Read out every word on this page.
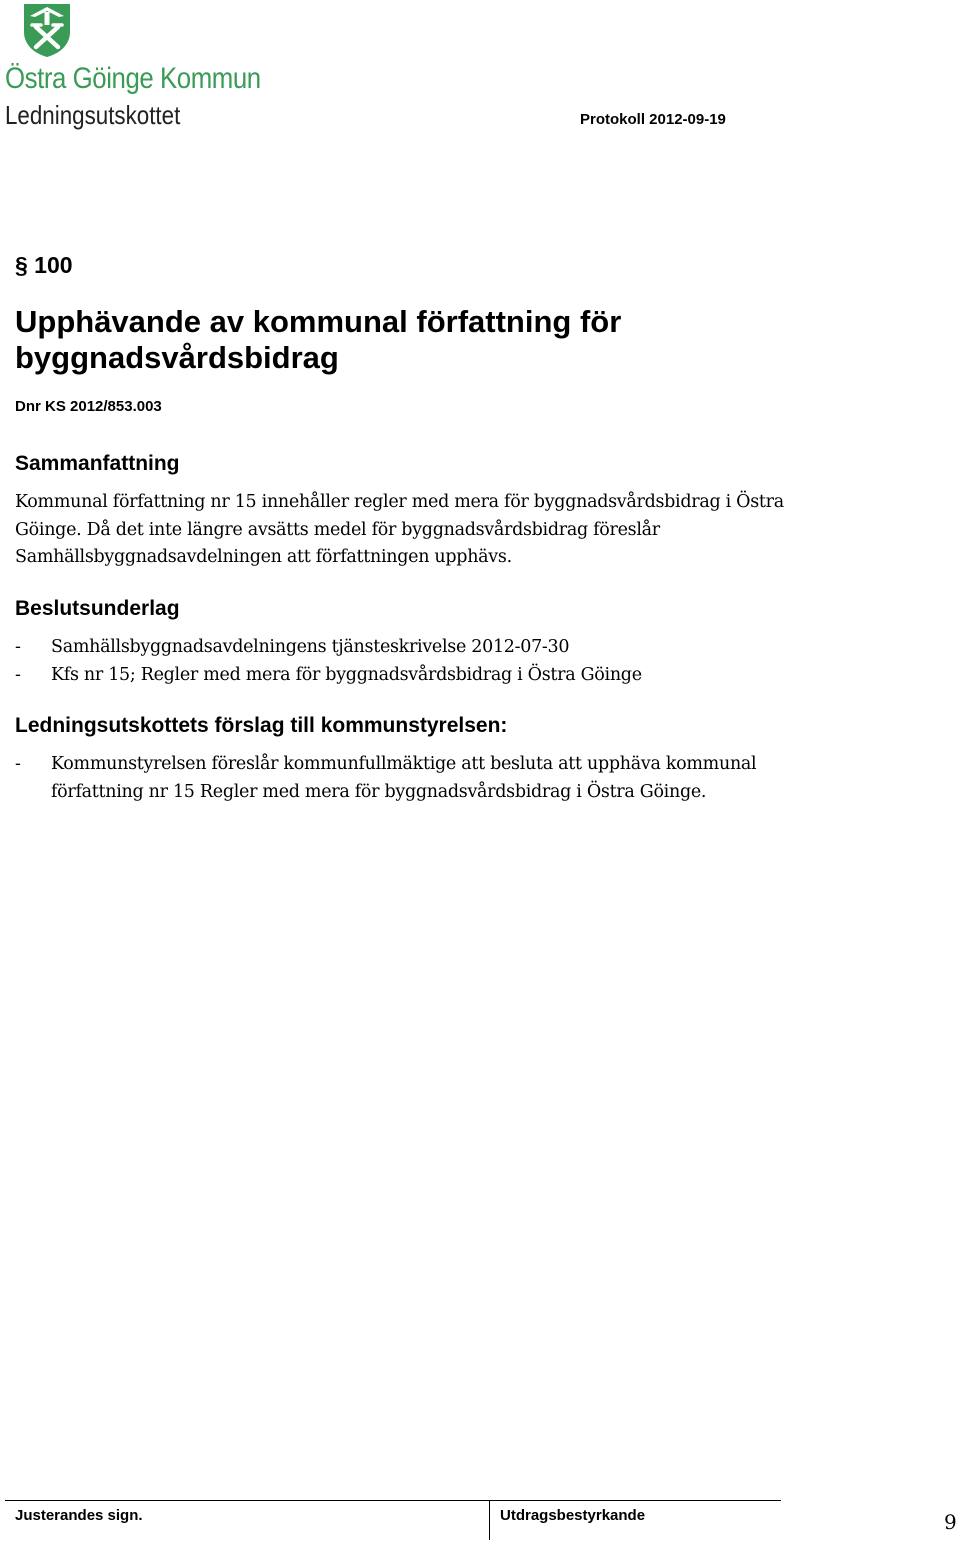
Östra Göinge Kommun
Ledningsutskottet	Protokoll 2012-09-19
§ 100
Upphävande av kommunal författning för byggnadsvårdsbidrag
Dnr KS 2012/853.003
Sammanfattning
Kommunal författning nr 15 innehåller regler med mera för byggnadsvårdsbidrag i Östra
Göinge. Då det inte längre avsätts medel för byggnadsvårdsbidrag föreslår
Samhällsbyggnadsavdelningen att författningen upphävs.
Beslutsunderlag
- Samhällsbyggnadsavdelningens tjänsteskrivelse 2012-07-30
- Kfs nr 15; Regler med mera för byggnadsvårdsbidrag i Östra Göinge
Ledningsutskottets förslag till kommunstyrelsen:
- Kommunstyrelsen föreslår kommunfullmäktige att besluta att upphäva kommunal
författning nr 15 Regler med mera för byggnadsvårdsbidrag i Östra Göinge.
Justerandes sign.	Utdragsbestyrkande	9
